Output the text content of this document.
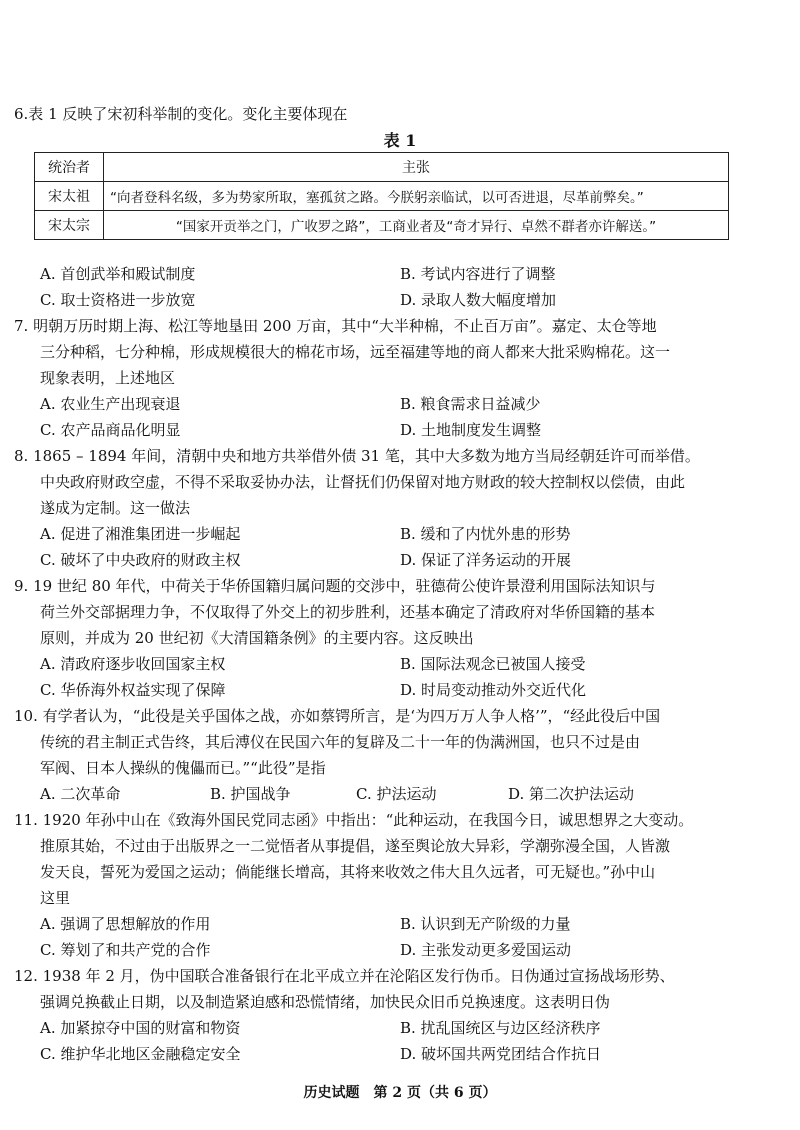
6.表 1 反映了宋初科举制的变化。变化主要体现在
表 1
统治者	主张
宋太祖	“向者登科名级，多为势家所取，塞孤贫之路。今朕躬亲临试，以可否进退，尽革前弊矣。”
宋太宗	“国家开贡举之门，广收罗之路”，工商业者及“奇才异行、卓然不群者亦许解送。”
A. 首创武举和殿试制度	B. 考试内容进行了调整
C. 取士资格进一步放宽	D. 录取人数大幅度增加
7. 明朝万历时期上海、松江等地垦田 200 万亩，其中“大半种棉，不止百万亩”。嘉定、太仓等地
三分种稻，七分种棉，形成规模很大的棉花市场，远至福建等地的商人都来大批采购棉花。这一
现象表明，上述地区
A. 农业生产出现衰退	B. 粮食需求日益减少
C. 农产品商品化明显	D. 土地制度发生调整
8. 1865 – 1894 年间，清朝中央和地方共举借外债 31 笔，其中大多数为地方当局经朝廷许可而举借。
中央政府财政空虚，不得不采取妥协办法，让督抚们仍保留对地方财政的较大控制权以偿债，由此
遂成为定制。这一做法
A. 促进了湘淮集团进一步崛起	B. 缓和了内忧外患的形势
C. 破坏了中央政府的财政主权	D. 保证了洋务运动的开展
9. 19 世纪 80 年代，中荷关于华侨国籍归属问题的交涉中，驻德荷公使许景澄利用国际法知识与
荷兰外交部据理力争，不仅取得了外交上的初步胜利，还基本确定了清政府对华侨国籍的基本
原则，并成为 20 世纪初《大清国籍条例》的主要内容。这反映出
A. 清政府逐步收回国家主权	B. 国际法观念已被国人接受
C. 华侨海外权益实现了保障	D. 时局变动推动外交近代化
10. 有学者认为，“此役是关乎国体之战，亦如蔡锷所言，是‘为四万万人争人格’”，“经此役后中国
传统的君主制正式告终，其后溥仪在民国六年的复辟及二十一年的伪满洲国，也只不过是由
军阀、日本人操纵的傀儡而已。”“此役”是指
A. 二次革命	B. 护国战争	C. 护法运动	D. 第二次护法运动
11. 1920 年孙中山在《致海外国民党同志函》中指出：“此种运动，在我国今日，诚思想界之大变动。
推原其始，不过由于出版界之一二觉悟者从事提倡，遂至舆论放大异彩，学潮弥漫全国，人皆激
发天良，誓死为爱国之运动；倘能继长增高，其将来收效之伟大且久远者，可无疑也。”孙中山
这里
A. 强调了思想解放的作用	B. 认识到无产阶级的力量
C. 筹划了和共产党的合作	D. 主张发动更多爱国运动
12. 1938 年 2 月，伪中国联合准备银行在北平成立并在沦陷区发行伪币。日伪通过宣扬战场形势、
强调兑换截止日期，以及制造紧迫感和恐慌情绪，加快民众旧币兑换速度。这表明日伪
A. 加紧掠夺中国的财富和物资	B. 扰乱国统区与边区经济秩序
C. 维护华北地区金融稳定安全	D. 破坏国共两党团结合作抗日
历史试题　第 2 页（共 6 页）
